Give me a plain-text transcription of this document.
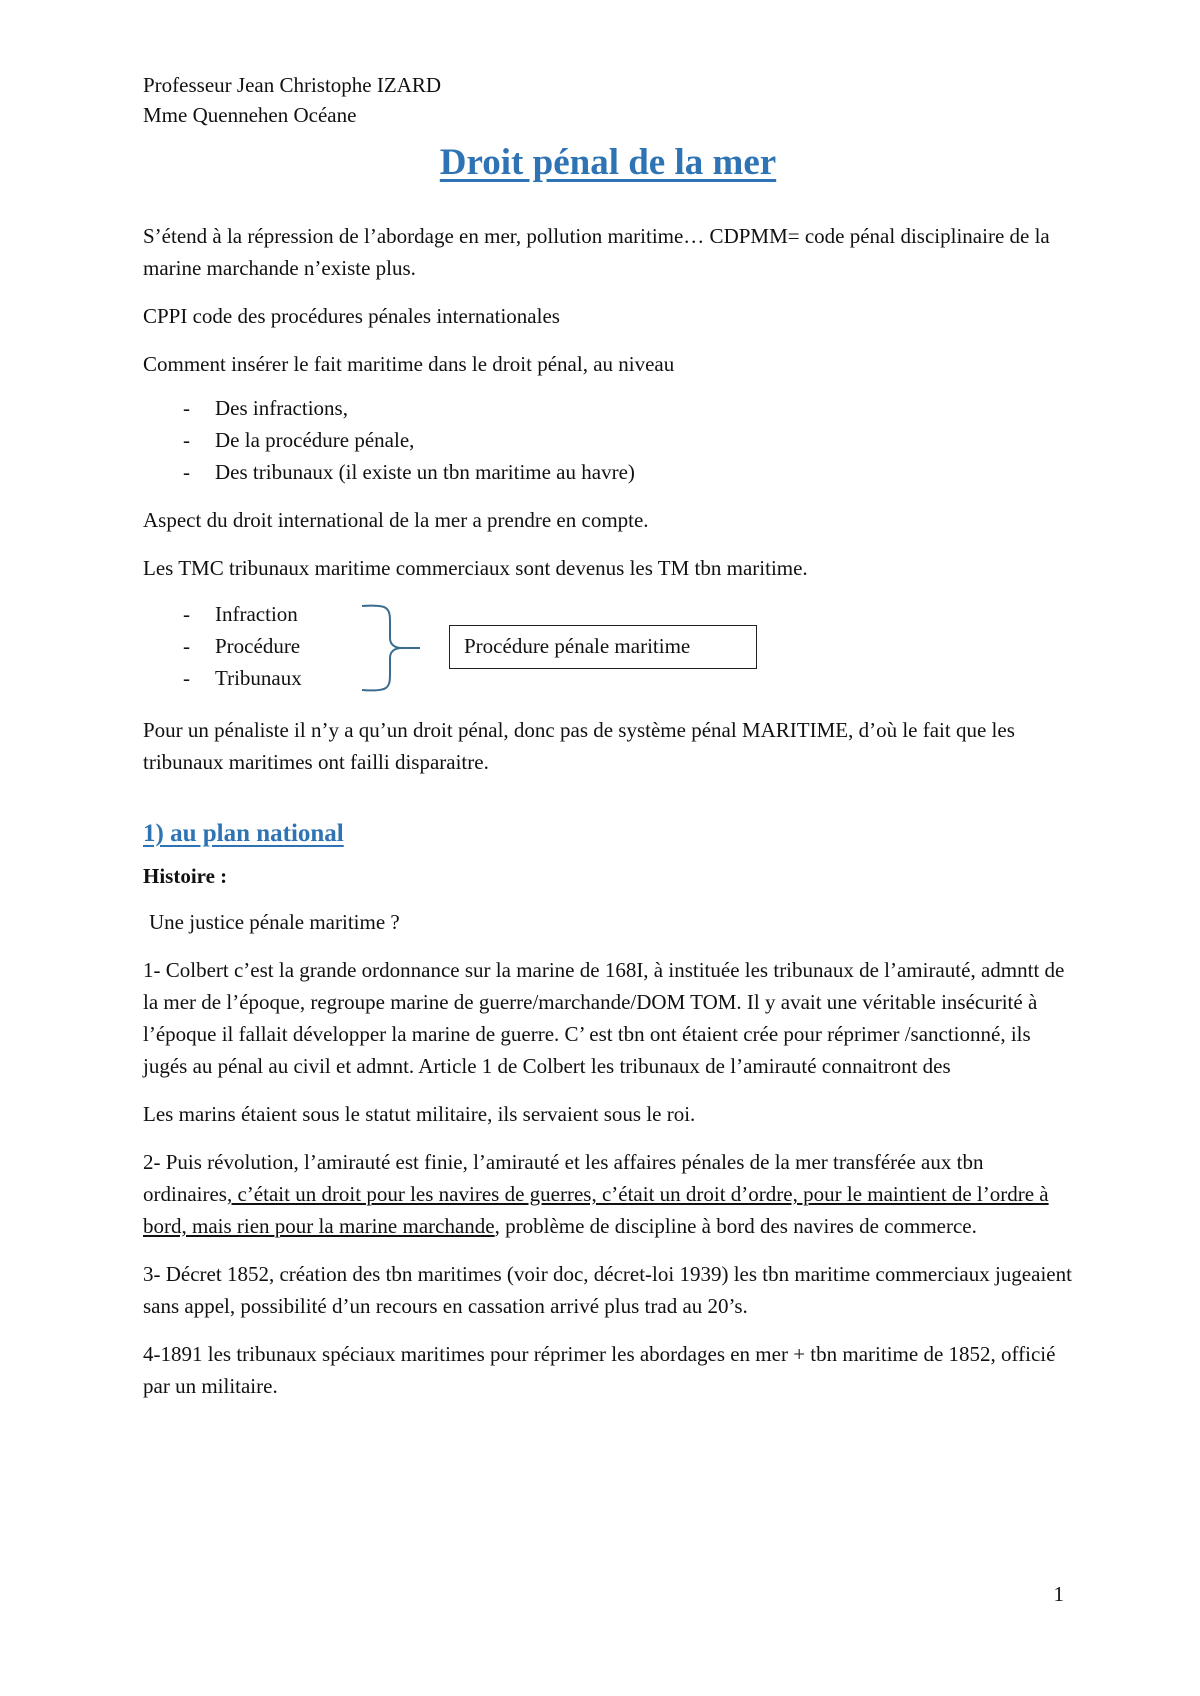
Professeur Jean Christophe IZARD
Mme Quennehen Océane
Droit pénal de la mer

S’étend à la répression de l’abordage en mer, pollution maritime… CDPMM= code pénal disciplinaire de la marine marchande n’existe plus.

CPPI code des procédures pénales internationales

Comment insérer le fait maritime dans le droit pénal, au niveau

- Des infractions,
- De la procédure pénale,
- Des tribunaux (il existe un tbn maritime au havre)

Aspect du droit international de la mer a prendre en compte.

Les TMC tribunaux maritime commerciaux sont devenus les TM tbn maritime.

- Infraction
- Procédure
- Tribunaux
Procédure pénale maritime

Pour un pénaliste il n’y a qu’un droit pénal, donc pas de système pénal MARITIME, d’où le fait que les tribunaux maritimes ont failli disparaitre.

1) au plan national

Histoire :

Une justice pénale maritime ?

1- Colbert c’est la grande ordonnance sur la marine de 168I, à instituée les tribunaux de l’amirauté, admntt de la mer de l’époque, regroupe marine de guerre/marchande/DOM TOM. Il y avait une véritable insécurité à l’époque il fallait développer la marine de guerre. C’ est tbn ont étaient crée pour réprimer /sanctionné, ils jugés au pénal au civil et admnt. Article 1 de Colbert les tribunaux de l’amirauté connaitront des

Les marins étaient sous le statut militaire, ils servaient sous le roi.

2- Puis révolution, l’amirauté est finie, l’amirauté et les affaires pénales de la mer transférée aux tbn ordinaires, c’était un droit pour les navires de guerres, c’était un droit d’ordre, pour le maintient de l’ordre à bord, mais rien pour la marine marchande, problème de discipline à bord des navires de commerce.

3- Décret 1852, création des tbn maritimes (voir doc, décret-loi 1939) les tbn maritime commerciaux jugeaient sans appel, possibilité d’un recours en cassation arrivé plus trad au 20’s.

4-1891 les tribunaux spéciaux maritimes pour réprimer les abordages en mer + tbn maritime de 1852, officié par un militaire.

1
